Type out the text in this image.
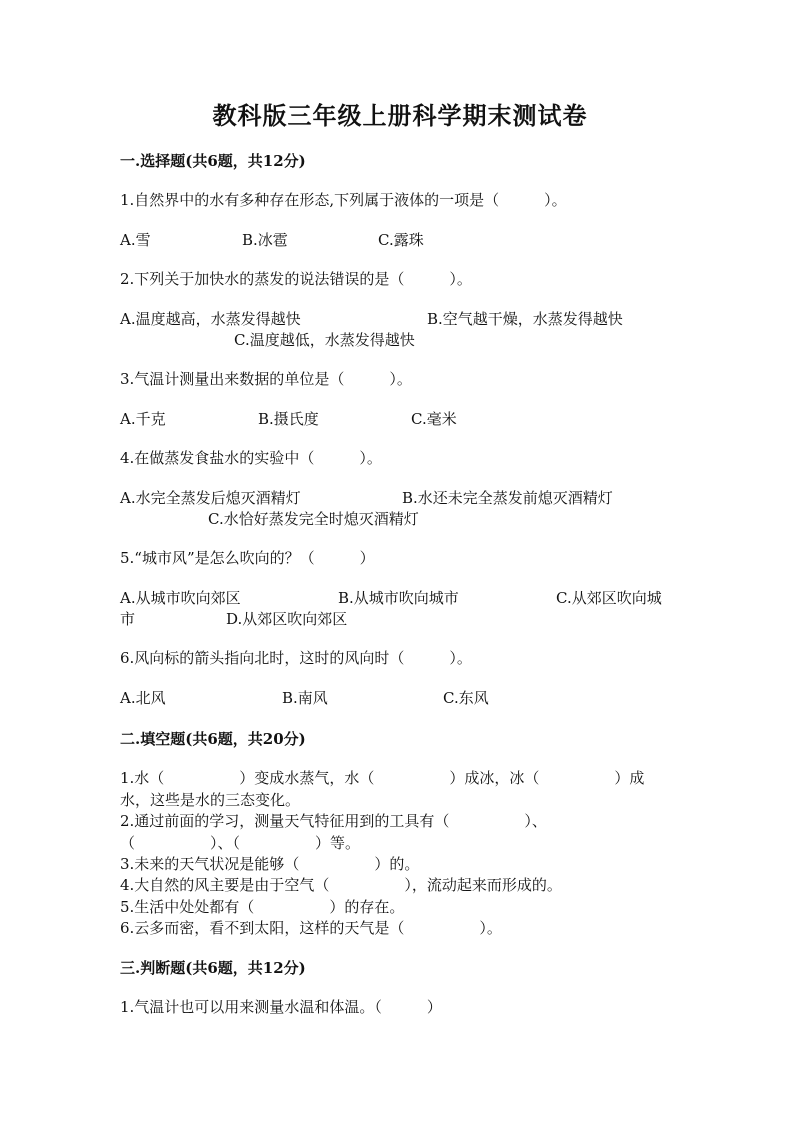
教科版三年级上册科学期末测试卷
一.选择题(共6题，共12分)
1.自然界中的水有多种存在形态,下列属于液体的一项是（　　　）。
A.雪	B.冰雹	C.露珠
2.下列关于加快水的蒸发的说法错误的是（　　　）。
A.温度越高，水蒸发得越快	B.空气越干燥，水蒸发得越快
C.温度越低，水蒸发得越快
3.气温计测量出来数据的单位是（　　　）。
A.千克	B.摄氏度	C.毫米
4.在做蒸发食盐水的实验中（　　　）。
A.水完全蒸发后熄灭酒精灯	B.水还未完全蒸发前熄灭酒精灯
C.水恰好蒸发完全时熄灭酒精灯
5.“城市风”是怎么吹向的？（　　　）
A.从城市吹向郊区	B.从城市吹向城市	C.从郊区吹向城
市	D.从郊区吹向郊区
6.风向标的箭头指向北时，这时的风向时（　　　）。
A.北风	B.南风	C.东风
二.填空题(共6题，共20分)
1.水（　　　　　）变成水蒸气，水（　　　　　）成冰，冰（　　　　　）成
水，这些是水的三态变化。
2.通过前面的学习，测量天气特征用到的工具有（　　　　　）、
（　　　　　）、（　　　　　）等。
3.未来的天气状况是能够（　　　　　）的。
4.大自然的风主要是由于空气（　　　　　），流动起来而形成的。
5.生活中处处都有（　　　　　）的存在。
6.云多而密，看不到太阳，这样的天气是（　　　　　）。
三.判断题(共6题，共12分)
1.气温计也可以用来测量水温和体温。（　　　）
